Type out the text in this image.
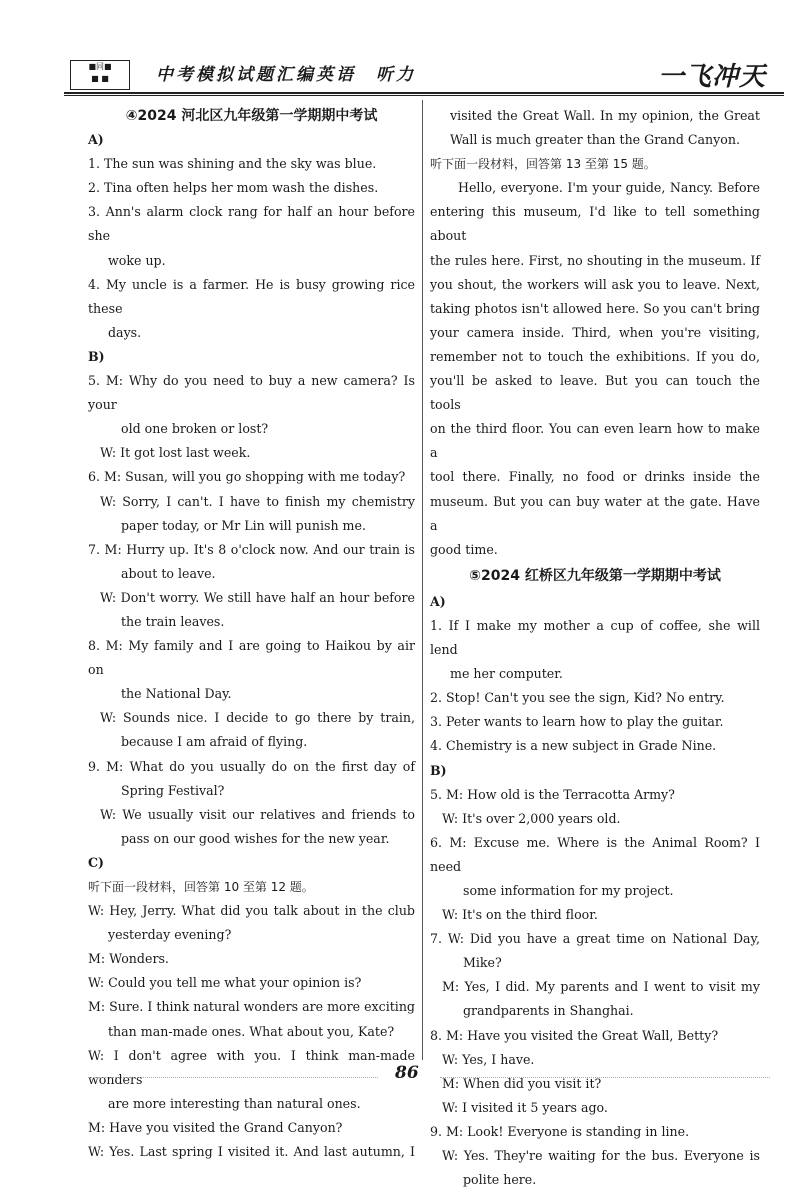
■同■
■ ■	中考模拟试题汇编英语　听力	一飞冲天
④2024 河北区九年级第一学期期中考试
A)
1. The sun was shining and the sky was blue.
2. Tina often helps her mom wash the dishes.
3. Ann's alarm clock rang for half an hour before she
woke up.
4. My uncle is a farmer. He is busy growing rice these
days.
B)
5. M: Why do you need to buy a new camera? Is your
old one broken or lost?
W: It got lost last week.
6. M: Susan, will you go shopping with me today?
W: Sorry, I can't. I have to finish my chemistry
paper today, or Mr Lin will punish me.
7. M: Hurry up. It's 8 o'clock now. And our train is
about to leave.
W: Don't worry. We still have half an hour before
the train leaves.
8. M: My family and I are going to Haikou by air on
the National Day.
W: Sounds nice. I decide to go there by train,
because I am afraid of flying.
9. M: What do you usually do on the first day of
Spring Festival?
W: We usually visit our relatives and friends to
pass on our good wishes for the new year.
C)
听下面一段材料，回答第 10 至第 12 题。
W: Hey, Jerry. What did you talk about in the club
yesterday evening?
M: Wonders.
W: Could you tell me what your opinion is?
M: Sure. I think natural wonders are more exciting
than man-made ones. What about you, Kate?
W: I don't agree with you. I think man-made wonders
are more interesting than natural ones.
M: Have you visited the Grand Canyon?
W: Yes. Last spring I visited it. And last autumn, I
visited the Great Wall. In my opinion, the Great
Wall is much greater than the Grand Canyon.
听下面一段材料，回答第 13 至第 15 题。
Hello, everyone. I'm your guide, Nancy. Before
entering this museum, I'd like to tell something about
the rules here. First, no shouting in the museum. If
you shout, the workers will ask you to leave. Next,
taking photos isn't allowed here. So you can't bring
your camera inside. Third, when you're visiting,
remember not to touch the exhibitions. If you do,
you'll be asked to leave. But you can touch the tools
on the third floor. You can even learn how to make a
tool there. Finally, no food or drinks inside the
museum. But you can buy water at the gate. Have a
good time.
⑤2024 红桥区九年级第一学期期中考试
A)
1. If I make my mother a cup of coffee, she will lend
me her computer.
2. Stop! Can't you see the sign, Kid? No entry.
3. Peter wants to learn how to play the guitar.
4. Chemistry is a new subject in Grade Nine.
B)
5. M: How old is the Terracotta Army?
W: It's over 2,000 years old.
6. M: Excuse me. Where is the Animal Room? I need
some information for my project.
W: It's on the third floor.
7. W: Did you have a great time on National Day,
Mike?
M: Yes, I did. My parents and I went to visit my
grandparents in Shanghai.
8. M: Have you visited the Great Wall, Betty?
W: Yes, I have.
M: When did you visit it?
W: I visited it 5 years ago.
9. M: Look! Everyone is standing in line.
W: Yes. They're waiting for the bus. Everyone is
polite here.
86
